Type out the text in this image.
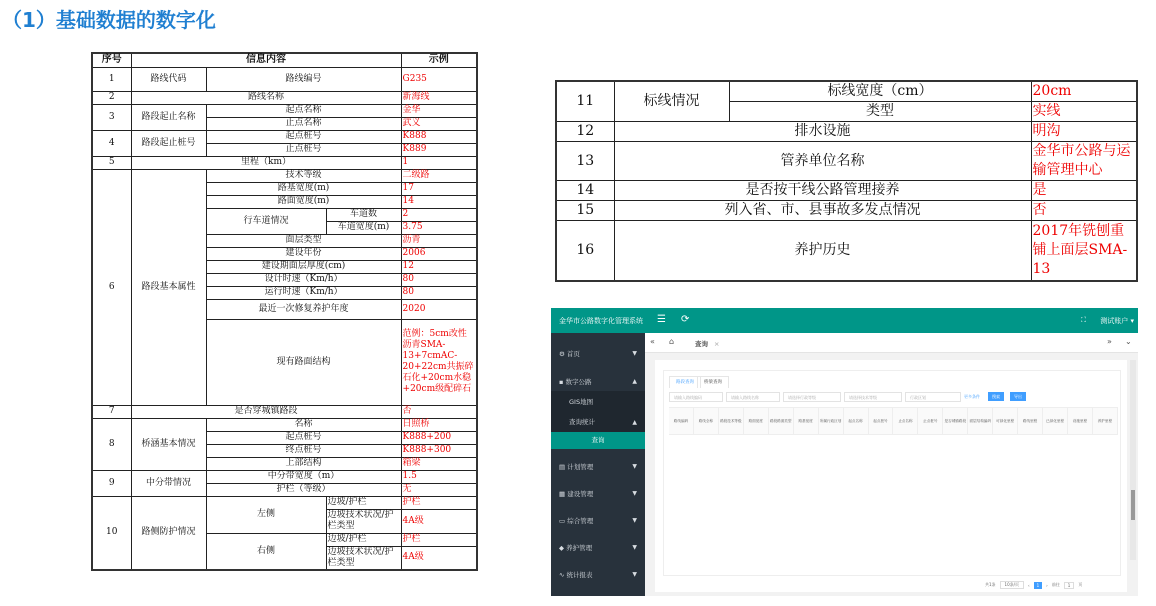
（1）基础数据的数字化
序号	信息内容			示例
1	路线代码	路线编号		G235
2	路线名称			新海线
3	路段起止名称	起点名称		金华
		止点名称		武义
4	路段起止桩号	起点桩号		K888
		止点桩号		K889
5	里程（km）			1
6	路段基本属性	技术等级		二级路
		路基宽度(m)		17
		路面宽度(m)		14
		行车道情况	车道数	2
			车道宽度(m)	3.75
		面层类型		沥青
		建设年份		2006
		建设期面层厚度(cm)		12
		设计时速（Km/h）		80
		运行时速（Km/h）		80
		最近一次修复养护年度		2020
		现有路面结构		范例：5cm改性沥青SMA-13+7cmAC-20+22cm共振碎石化+20cm水稳+20cm级配碎石
7	是否穿城镇路段			否
8	桥涵基本情况	名称		日照桥
		起点桩号		K888+200
		终点桩号		K888+300
		上部结构		箱梁
9	中分带情况	中分带宽度（m）		1.5
		护栏（等级）		无
10	路侧防护情况	左侧	边坡/护栏	护栏
			边坡技术状况/护栏类型	4A级
		右侧	边坡/护栏	护栏
			边坡技术状况/护栏类型	4A级
11	标线情况	标线宽度（cm）	20cm
		类型	实线
12	排水设施		明沟
13	管养单位名称		金华市公路与运输管理中心
14	是否按干线公路管理接养		是
15	列入省、市、县事故多发点情况		否
16	养护历史		2017年铣刨重铺上面层SMA-13
金华市公路数字化管理系统 ☰ ⟳	⛶ 测试账户 ▾
⚙ 首页	▼
▪ 数字公路	▲
GIS地图
查询统计	▲
查询
▤ 计划管理	▼
▦ 建设管理	▼
▭ 综合管理	▼
◆ 养护管理	▼
∿ 统计报表	▼
« ⌂	查询 ×	» ⌄
路段查询	桥梁查询
请输入路线编码	请输入路线名称	请选择行政等级	请选择技术等级	行政区划	更多条件	搜索	导出
路线编码	路线全称	路段技术等级	路面宽度	路段路面类型	路基宽度	所属行政区划	起点名称	起点桩号	止点名称	止点桩号	是否城镇路段 面层结构编码	可绿化里程	路线里程	已绿化里程	设施里程	养护里程
共1条	10条/页	‹	1	› 前往	1	页
